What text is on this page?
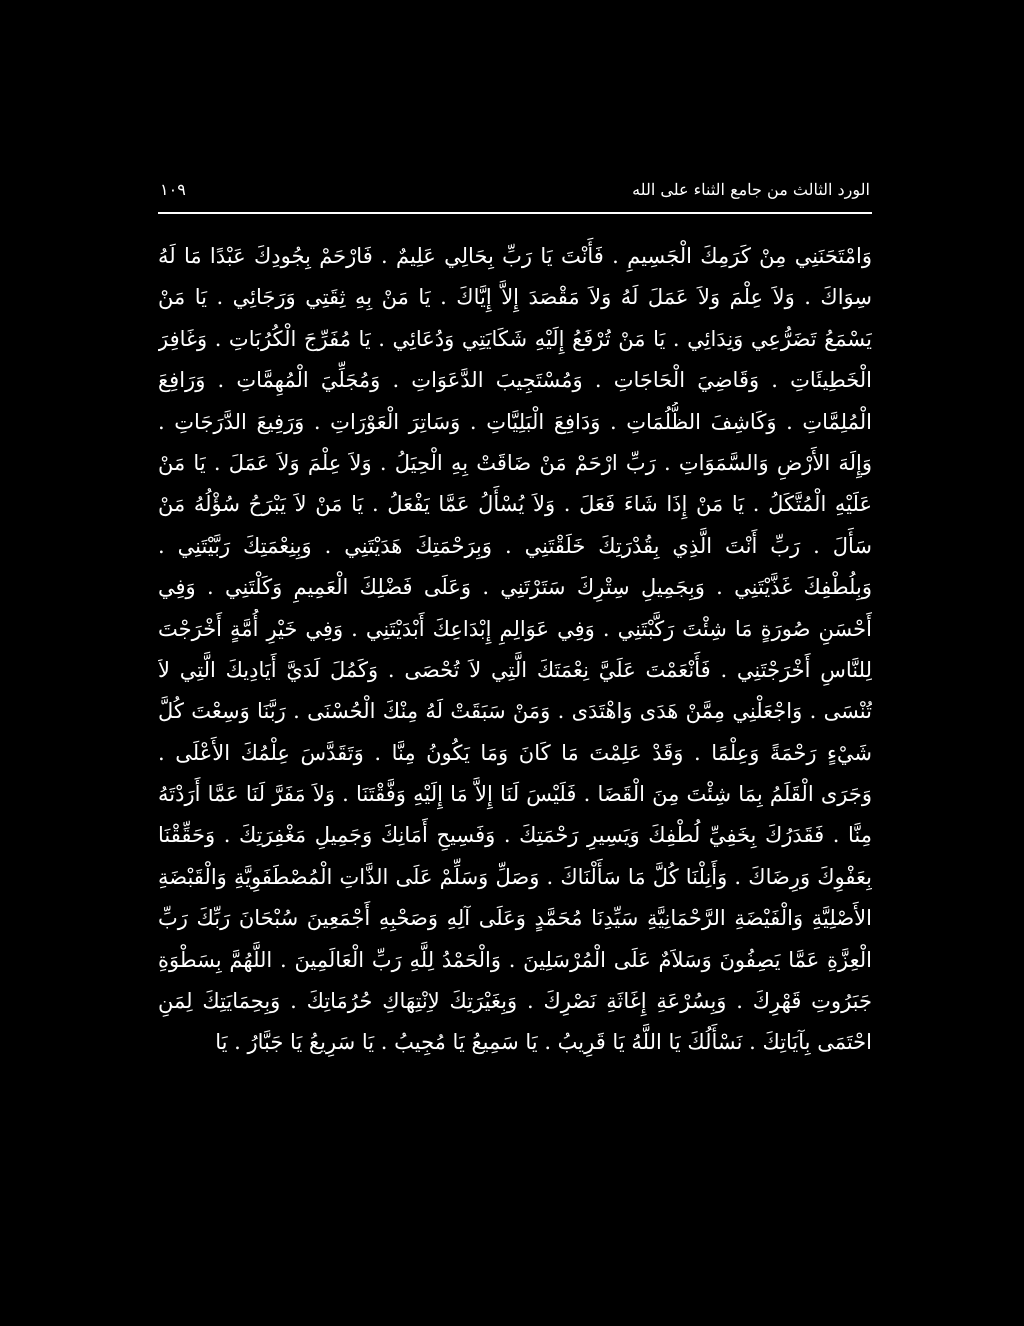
الورد الثالث من جامع الثناء على الله
١٠٩
وَامْتَحَنَنِي مِنْ كَرَمِكَ الْجَسِيمِ . فَأَنْتَ يَا رَبِّ بِحَالِي عَلِيمٌ . فَارْحَمْ بِجُودِكَ عَبْدًا مَا لَهُ
سِوَاكَ . وَلاَ عِلْمَ وَلاَ عَمَلَ لَهُ وَلاَ مَقْصَدَ إِلاَّ إِيَّاكَ . يَا مَنْ بِهِ ثِقَتِي وَرَجَائِي . يَا مَنْ
يَسْمَعُ تَضَرُّعِي وَنِدَائِي . يَا مَنْ تُرْفَعُ إِلَيْهِ شَكَايَتِي وَدُعَائِي . يَا مُفَرِّجَ الْكُرُبَاتِ . وَغَافِرَ
الْخَطِيئَاتِ . وَقَاضِيَ الْحَاجَاتِ . وَمُسْتَجِيبَ الدَّعَوَاتِ . وَمُجَلِّيَ الْمُهِمَّاتِ . وَرَافِعَ
الْمُلِمَّاتِ . وَكَاشِفَ الظُّلُمَاتِ . وَدَافِعَ الْبَلِيَّاتِ . وَسَاتِرَ الْعَوْرَاتِ . وَرَفِيعَ الدَّرَجَاتِ .
وَإِلَهَ الأَرْضِ وَالسَّمَوَاتِ . رَبِّ ارْحَمْ مَنْ ضَاقَتْ بِهِ الْحِيَلُ . وَلاَ عِلْمَ وَلاَ عَمَلَ . يَا مَنْ
عَلَيْهِ الْمُتَّكَلُ . يَا مَنْ إِذَا شَاءَ فَعَلَ . وَلاَ يُسْأَلُ عَمَّا يَفْعَلُ . يَا مَنْ لاَ يَبْرَحُ سُؤْلُهُ مَنْ
سَأَلَ . رَبِّ أَنْتَ الَّذِي بِقُدْرَتِكَ خَلَقْتَنِي . وَبِرَحْمَتِكَ هَدَيْتَنِي . وَبِنِعْمَتِكَ رَبَّيْتَنِي .
وَبِلُطْفِكَ غَذَّيْتَنِي . وَبِجَمِيلِ سِتْرِكَ سَتَرْتَنِي . وَعَلَى فَضْلِكَ الْعَمِيمِ وَكَلْتَنِي . وَفِي
أَحْسَنِ صُورَةٍ مَا شِئْتَ رَكَّبْتَنِي . وَفِي عَوَالِمِ إِبْدَاعِكَ أَبْدَيْتَنِي . وَفِي خَيْرِ أُمَّةٍ أَخْرَجْتَ
لِلنَّاسِ أَخْرَجْتَنِي . فَأَنْعَمْتَ عَلَيَّ نِعْمَتَكَ الَّتِي لاَ تُحْصَى . وَكَمُلَ لَدَيَّ أَيَادِيكَ الَّتِي لاَ
تُنْسَى . وَاجْعَلْنِي مِمَّنْ هَدَى وَاهْتَدَى . وَمَنْ سَبَقَتْ لَهُ مِنْكَ الْحُسْنَى . رَبَّنَا وَسِعْتَ كُلَّ
شَيْءٍ رَحْمَةً وَعِلْمًا . وَقَدْ عَلِمْتَ مَا كَانَ وَمَا يَكُونُ مِنَّا . وَتَقَدَّسَ عِلْمُكَ الأَعْلَى .
وَجَرَى الْقَلَمُ بِمَا شِئْتَ مِنَ الْقَضَا . فَلَيْسَ لَنَا إِلاَّ مَا إِلَيْهِ وَفَّقْتَنَا . وَلاَ مَفَرَّ لَنَا عَمَّا أَرَدْتَهُ
مِنَّا . فَقَدَرُكَ بِخَفِيِّ لُطْفِكَ وَيَسِيرِ رَحْمَتِكَ . وَفَسِيحِ أَمَانِكَ وَجَمِيلِ مَغْفِرَتِكَ . وَحَقِّقْنَا
بِعَفْوِكَ وَرِضَاكَ . وَأَنِلْنَا كُلَّ مَا سَأَلْنَاكَ . وَصَلِّ وَسَلِّمْ عَلَى الذَّاتِ الْمُصْطَفَوِيَّةِ وَالْقَبْضَةِ
الأَصْلِيَّةِ وَالْفَيْضَةِ الرَّحْمَانِيَّةِ سَيِّدِنَا مُحَمَّدٍ وَعَلَى آلِهِ وَصَحْبِهِ أَجْمَعِينَ سُبْحَانَ رَبِّكَ رَبِّ
الْعِزَّةِ عَمَّا يَصِفُونَ وَسَلاَمٌ عَلَى الْمُرْسَلِينَ . وَالْحَمْدُ لِلَّهِ رَبِّ الْعَالَمِينَ . اللَّهُمَّ بِسَطْوَةِ
جَبَرُوتِ قَهْرِكَ . وَبِسُرْعَةِ إِغَاثَةِ نَصْرِكَ . وَبِغَيْرَتِكَ لاِنْتِهَاكِ حُرُمَاتِكَ . وَبِحِمَايَتِكَ لِمَنِ
احْتَمَى بِآيَاتِكَ . نَسْأَلُكَ يَا اللَّهُ يَا قَرِيبُ . يَا سَمِيعُ يَا مُجِيبُ . يَا سَرِيعُ يَا جَبَّارُ . يَا
